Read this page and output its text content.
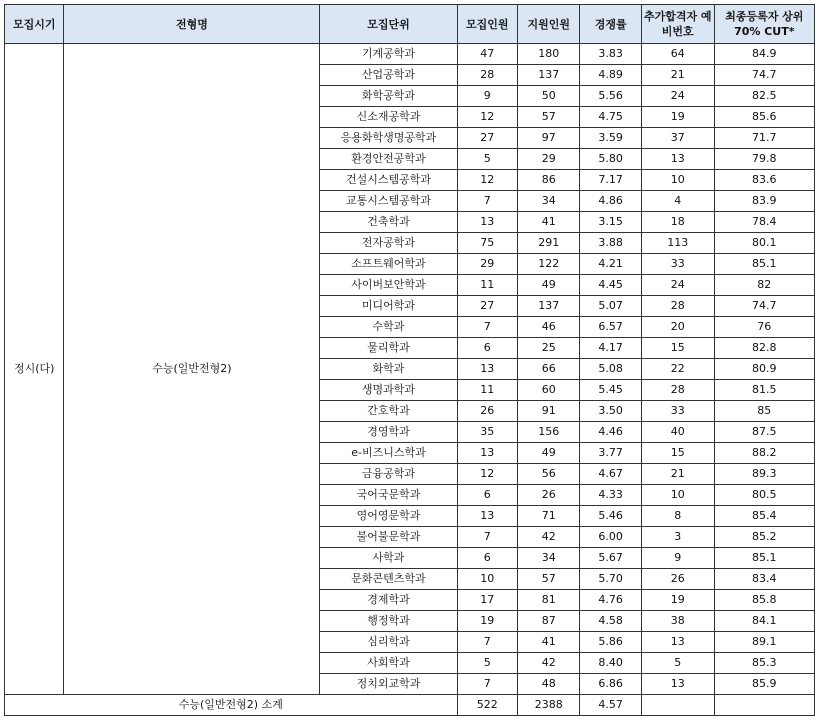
모집시기	전형명	모집단위	모집인원	지원인원	경쟁률	추가합격자 예비번호	최종등록자 상위 70% CUT*
정시(다)	수능(일반전형2)	기계공학과	47	180	3.83	64	84.9
		산업공학과	28	137	4.89	21	74.7
		화학공학과	9	50	5.56	24	82.5
		신소재공학과	12	57	4.75	19	85.6
		응용화학생명공학과	27	97	3.59	37	71.7
		환경안전공학과	5	29	5.80	13	79.8
		건설시스템공학과	12	86	7.17	10	83.6
		교통시스템공학과	7	34	4.86	4	83.9
		건축학과	13	41	3.15	18	78.4
		전자공학과	75	291	3.88	113	80.1
		소프트웨어학과	29	122	4.21	33	85.1
		사이버보안학과	11	49	4.45	24	82
		미디어학과	27	137	5.07	28	74.7
		수학과	7	46	6.57	20	76
		물리학과	6	25	4.17	15	82.8
		화학과	13	66	5.08	22	80.9
		생명과학과	11	60	5.45	28	81.5
		간호학과	26	91	3.50	33	85
		경영학과	35	156	4.46	40	87.5
		e-비즈니스학과	13	49	3.77	15	88.2
		금융공학과	12	56	4.67	21	89.3
		국어국문학과	6	26	4.33	10	80.5
		영어영문학과	13	71	5.46	8	85.4
		불어불문학과	7	42	6.00	3	85.2
		사학과	6	34	5.67	9	85.1
		문화콘텐츠학과	10	57	5.70	26	83.4
		경제학과	17	81	4.76	19	85.8
		행정학과	19	87	4.58	38	84.1
		심리학과	7	41	5.86	13	89.1
		사회학과	5	42	8.40	5	85.3
		정치외교학과	7	48	6.86	13	85.9
수능(일반전형2) 소계			522	2388	4.57		
